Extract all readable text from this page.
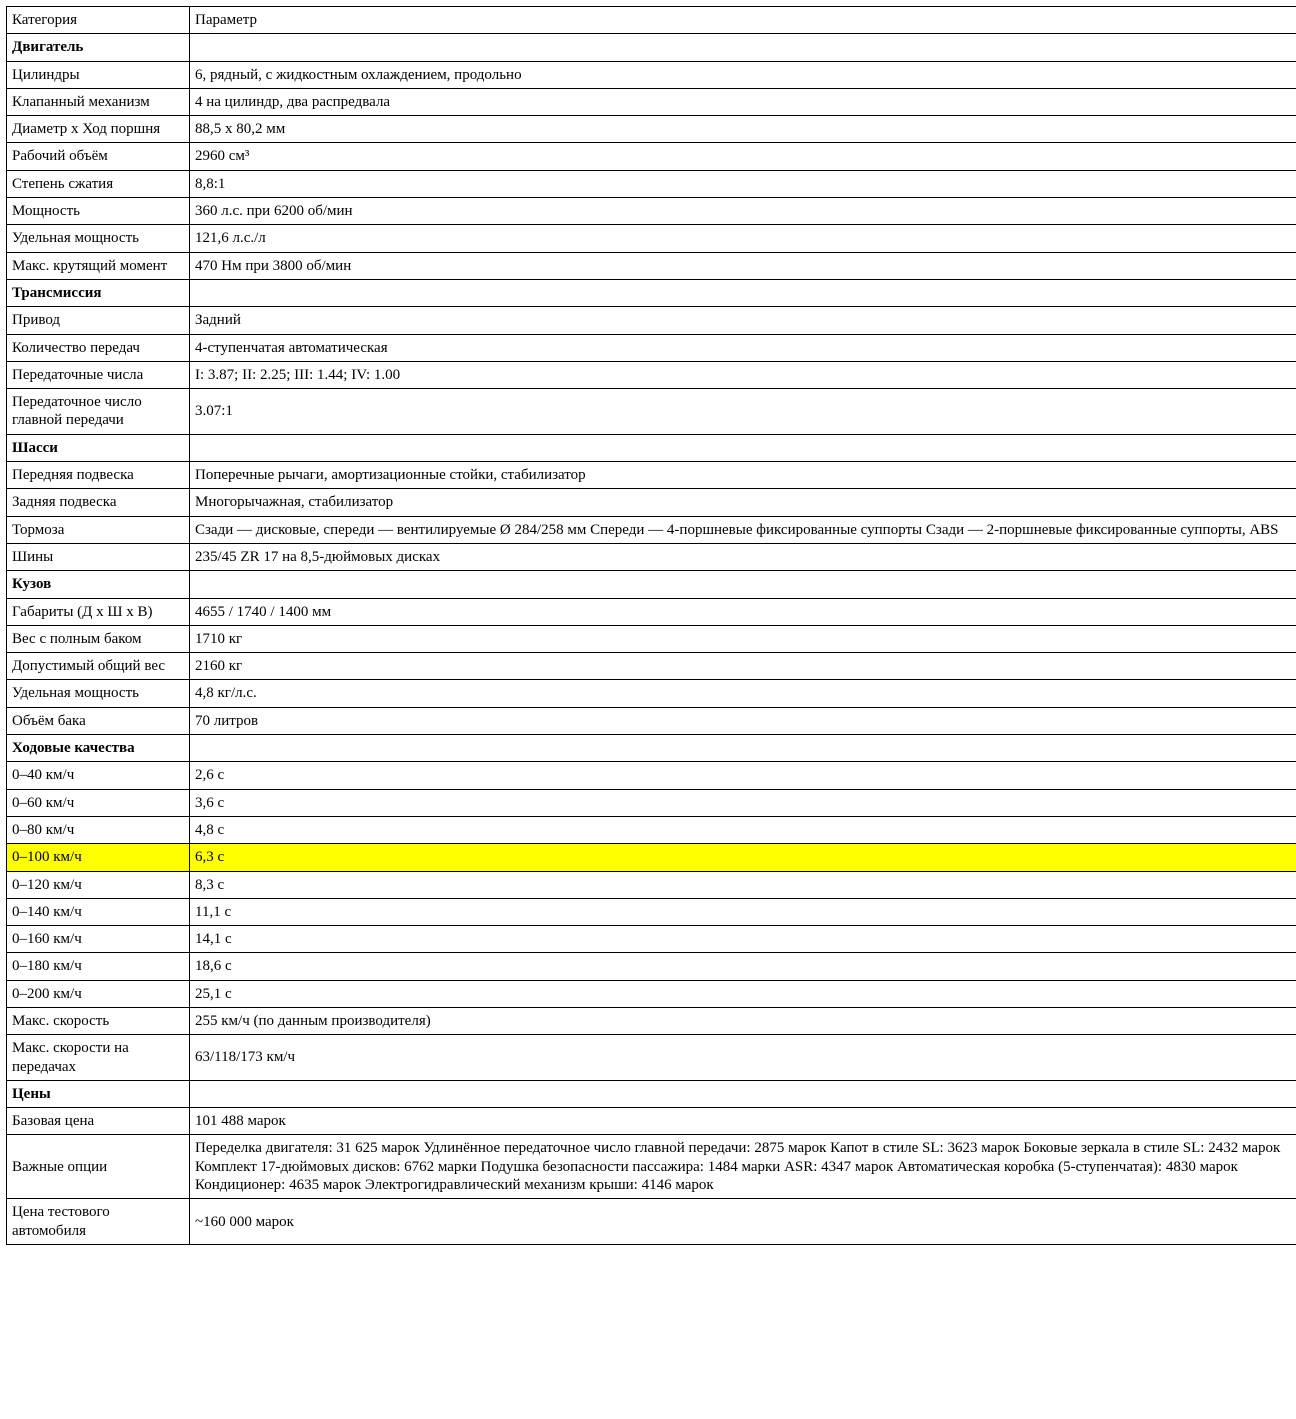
Категория	Параметр
Двигатель	
Цилиндры	6, рядный, с жидкостным охлаждением, продольно
Клапанный механизм	4 на цилиндр, два распредвала
Диаметр x Ход поршня	88,5 x 80,2 мм
Рабочий объём	2960 см³
Степень сжатия	8,8:1
Мощность	360 л.с. при 6200 об/мин
Удельная мощность	121,6 л.с./л
Макс. крутящий момент	470 Нм при 3800 об/мин
Трансмиссия	
Привод	Задний
Количество передач	4-ступенчатая автоматическая
Передаточные числа	I: 3.87; II: 2.25; III: 1.44; IV: 1.00
Передаточное число главной передачи	3.07:1
Шасси	
Передняя подвеска	Поперечные рычаги, амортизационные стойки, стабилизатор
Задняя подвеска	Многорычажная, стабилизатор
Тормоза	Сзади — дисковые, спереди — вентилируемые Ø 284/258 мм Спереди — 4-поршневые фиксированные суппорты Сзади — 2-поршневые фиксированные суппорты, ABS
Шины	235/45 ZR 17 на 8,5-дюймовых дисках
Кузов	
Габариты (Д x Ш x В)	4655 / 1740 / 1400 мм
Вес с полным баком	1710 кг
Допустимый общий вес	2160 кг
Удельная мощность	4,8 кг/л.с.
Объём бака	70 литров
Ходовые качества	
0–40 км/ч	2,6 с
0–60 км/ч	3,6 с
0–80 км/ч	4,8 с
0–100 км/ч	6,3 с
0–120 км/ч	8,3 с
0–140 км/ч	11,1 с
0–160 км/ч	14,1 с
0–180 км/ч	18,6 с
0–200 км/ч	25,1 с
Макс. скорость	255 км/ч (по данным производителя)
Макс. скорости на передачах	63/118/173 км/ч
Цены	
Базовая цена	101 488 марок
Важные опции	Переделка двигателя: 31 625 марок Удлинённое передаточное число главной передачи: 2875 марок Капот в стиле SL: 3623 марок Боковые зеркала в стиле SL: 2432 марок Комплект 17-дюймовых дисков: 6762 марки Подушка безопасности пассажира: 1484 марки ASR: 4347 марок Автоматическая коробка (5-ступенчатая): 4830 марок Кондиционер: 4635 марок Электрогидравлический механизм крыши: 4146 марок
Цена тестового автомобиля	~160 000 марок
